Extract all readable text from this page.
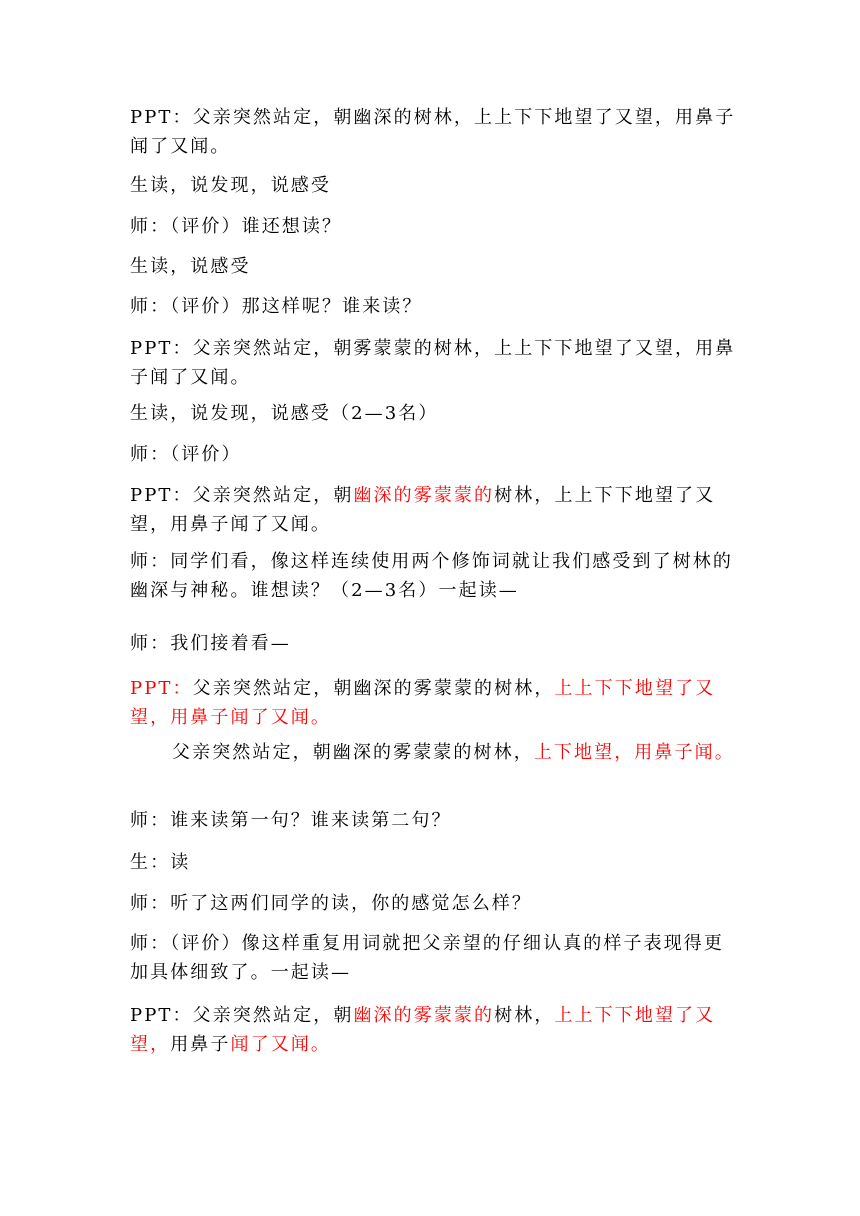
PPT：父亲突然站定，朝幽深的树林，上上下下地望了又望，用鼻子闻了又闻。

生读，说发现，说感受

师：（评价）谁还想读？

生读，说感受

师：（评价）那这样呢？谁来读？

PPT：父亲突然站定，朝雾蒙蒙的树林，上上下下地望了又望，用鼻子闻了又闻。

生读，说发现，说感受（2—3名）

师：（评价）

PPT：父亲突然站定，朝幽深的雾蒙蒙的树林，上上下下地望了又望，用鼻子闻了又闻。

师：同学们看，像这样连续使用两个修饰词就让我们感受到了树林的幽深与神秘。谁想读？（2—3名）一起读—

师：我们接着看—

PPT：父亲突然站定，朝幽深的雾蒙蒙的树林，上上下下地望了又望，用鼻子闻了又闻。

父亲突然站定，朝幽深的雾蒙蒙的树林，上下地望，用鼻子闻。

师：谁来读第一句？谁来读第二句？

生：读

师：听了这两们同学的读，你的感觉怎么样？

师：（评价）像这样重复用词就把父亲望的仔细认真的样子表现得更加具体细致了。一起读—

PPT：父亲突然站定，朝幽深的雾蒙蒙的树林，上上下下地望了又望，用鼻子闻了又闻。
